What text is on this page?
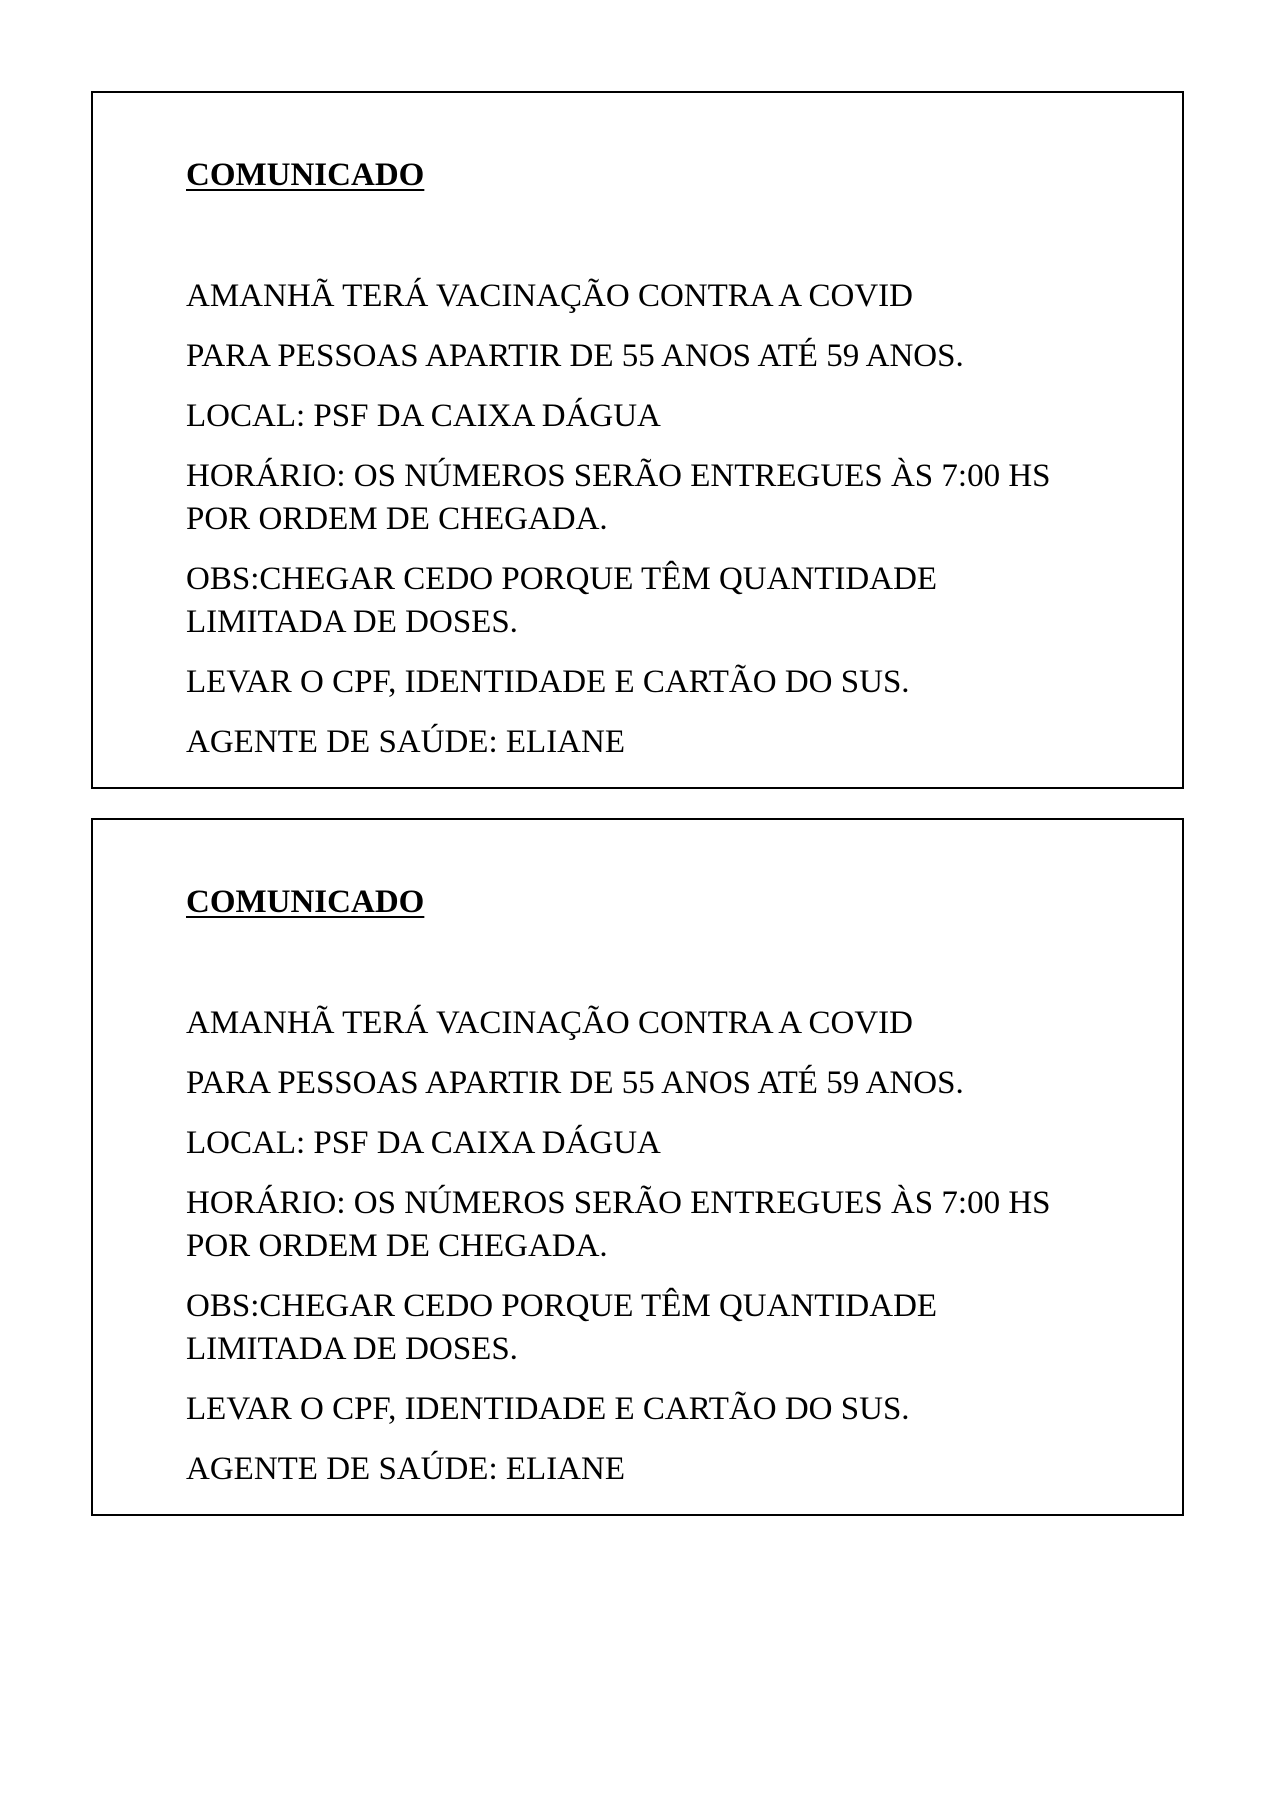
COMUNICADO
AMANHÃ TERÁ VACINAÇÃO CONTRA A COVID
PARA PESSOAS APARTIR DE 55 ANOS ATÉ 59 ANOS.
LOCAL: PSF DA CAIXA DÁGUA
HORÁRIO: OS NÚMEROS SERÃO ENTREGUES ÀS 7:00 HS
POR ORDEM DE CHEGADA.
OBS:CHEGAR CEDO PORQUE TÊM QUANTIDADE
LIMITADA DE DOSES.
LEVAR O CPF, IDENTIDADE E CARTÃO DO SUS.
AGENTE DE SAÚDE: ELIANE
COMUNICADO
AMANHÃ TERÁ VACINAÇÃO CONTRA A COVID
PARA PESSOAS APARTIR DE 55 ANOS ATÉ 59 ANOS.
LOCAL: PSF DA CAIXA DÁGUA
HORÁRIO: OS NÚMEROS SERÃO ENTREGUES ÀS 7:00 HS
POR ORDEM DE CHEGADA.
OBS:CHEGAR CEDO PORQUE TÊM QUANTIDADE
LIMITADA DE DOSES.
LEVAR O CPF, IDENTIDADE E CARTÃO DO SUS.
AGENTE DE SAÚDE: ELIANE
